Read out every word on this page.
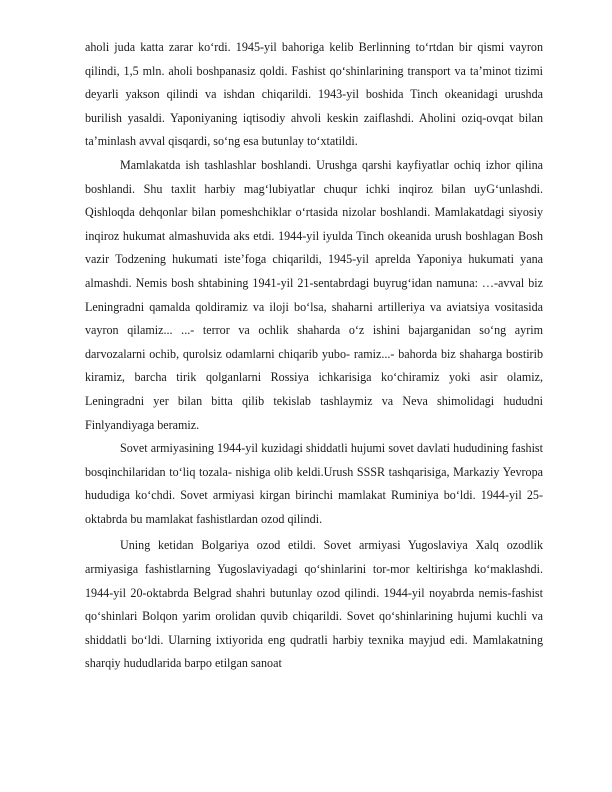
aholi juda katta zarar ko‘rdi. 1945-yil bahoriga kelib Berlinning to‘rtdan bir qismi vayron qilindi, 1,5 mln. aholi boshpanasiz qoldi. Fashist qo‘shinlarining transport va ta’minot tizimi deyarli yakson qilindi va ishdan chiqarildi. 1943-yil boshida Tinch okeanidagi urushda burilish yasaldi. Yaponiyaning iqtisodiy ahvoli keskin zaiflashdi. Aholini oziq-ovqat bilan ta’minlash avval qisqardi, so‘ng esa butunlay to‘xtatildi.

Mamlakatda ish tashlashlar boshlandi. Urushga qarshi kayfiyatlar ochiq izhor qilina boshlandi. Shu taxlit harbiy mag‘lubiyatlar chuqur ichki inqiroz bilan uyG‘unlashdi. Qishloqda dehqonlar bilan pomeshchiklar o‘rtasida nizolar boshlandi. Mamlakatdagi siyosiy inqiroz hukumat almashuvida aks etdi. 1944-yil iyulda Tinch okeanida urush boshlagan Bosh vazir Todzening hukumati iste’foga chiqarildi, 1945-yil aprelda Yaponiya hukumati yana almashdi. Nemis bosh shtabining 1941-yil 21-sentabrdagi buyrug‘idan namuna: …-avval biz Leningradni qamalda qoldiramiz va iloji bo‘lsa, shaharni artilleriya va aviatsiya vositasida vayron qilamiz... ...- terror va ochlik shaharda o‘z ishini bajarganidan so‘ng ayrim darvozalarni ochib, qurolsiz odamlarni chiqarib yubo- ramiz...- bahorda biz shaharga bostirib kiramiz, barcha tirik qolganlarni Rossiya ichkarisiga ko‘chiramiz yoki asir olamiz, Leningradni yer bilan bitta qilib tekislab tashlaymiz va Neva shimolidagi hududni Finlyandiyaga beramiz.

Sovet armiyasining 1944-yil kuzidagi shiddatli hujumi sovet davlati hududining fashist bosqinchilaridan to‘liq tozala- nishiga olib keldi.Urush SSSR tashqarisiga, Markaziy Yevropa hududiga ko‘chdi. Sovet armiyasi kirgan birinchi mamlakat Ruminiya bo‘ldi. 1944-yil 25-oktabrda bu mamlakat fashistlardan ozod qilindi.

Uning ketidan Bolgariya ozod etildi. Sovet armiyasi Yugoslaviya Xalq ozodlik armiyasiga fashistlarning Yugoslaviyadagi qo‘shinlarini tor-mor keltirishga ko‘maklashdi. 1944-yil 20-oktabrda Belgrad shahri butunlay ozod qilindi. 1944-yil noyabrda nemis-fashist qo‘shinlari Bolqon yarim orolidan quvib chiqarildi. Sovet qo‘shinlarining hujumi kuchli va shiddatli bo‘ldi. Ularning ixtiyorida eng qudratli harbiy texnika mayjud edi. Mamlakatning sharqiy hududlarida barpo etilgan sanoat
